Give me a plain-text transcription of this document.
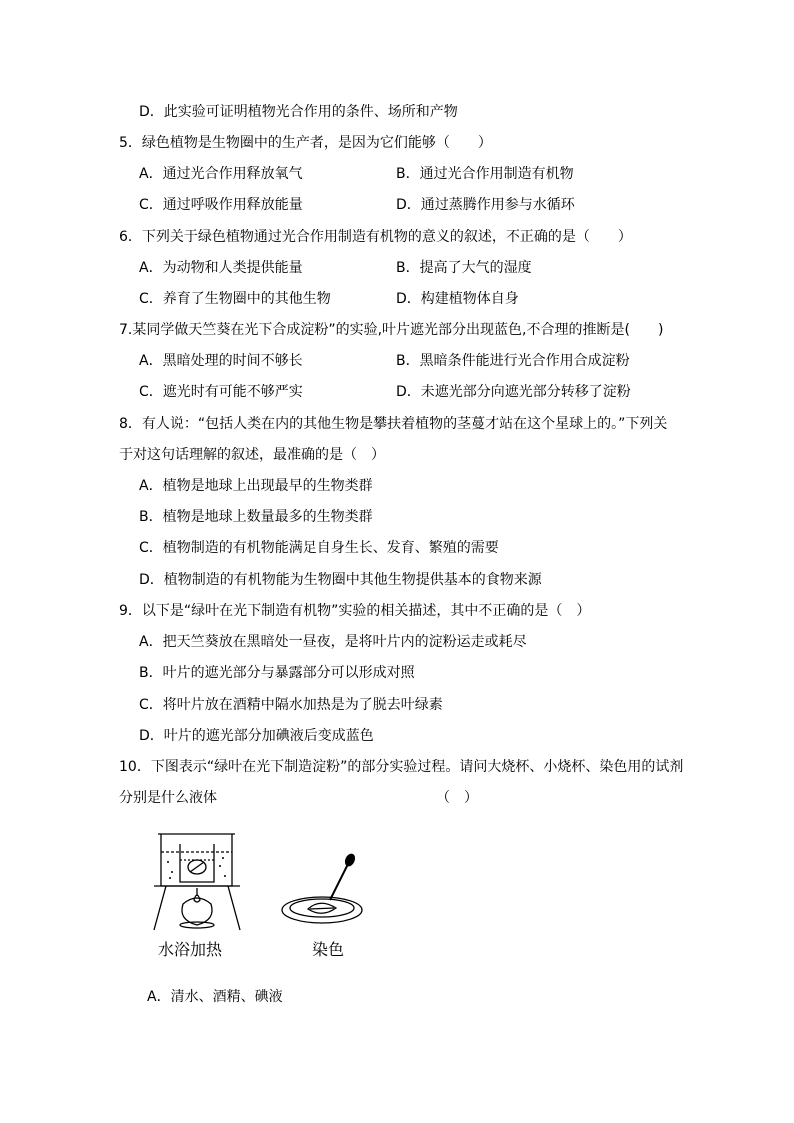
D．此实验可证明植物光合作用的条件、场所和产物
5．绿色植物是生物圈中的生产者，是因为它们能够（　　）
A．通过光合作用释放氧气	B．通过光合作用制造有机物
C．通过呼吸作用释放能量	D．通过蒸腾作用参与水循环
6．下列关于绿色植物通过光合作用制造有机物的意义的叙述，不正确的是（　　）
A．为动物和人类提供能量	B．提高了大气的湿度
C．养育了生物圈中的其他生物	D．构建植物体自身
7.某同学做天竺葵在光下合成淀粉”的实验,叶片遮光部分出现蓝色,不合理的推断是(　　)
A．黑暗处理的时间不够长	B．黑暗条件能进行光合作用合成淀粉
C．遮光时有可能不够严实	D．未遮光部分向遮光部分转移了淀粉
8．有人说：“包括人类在内的其他生物是攀扶着植物的茎蔓才站在这个星球上的。”下列关
于对这句话理解的叙述，最准确的是（　）
A．植物是地球上出现最早的生物类群
B．植物是地球上数量最多的生物类群
C．植物制造的有机物能满足自身生长、发育、繁殖的需要
D．植物制造的有机物能为生物圈中其他生物提供基本的食物来源
9．以下是“绿叶在光下制造有机物”实验的相关描述，其中不正确的是（　）
A．把天竺葵放在黑暗处一昼夜，是将叶片内的淀粉运走或耗尽
B．叶片的遮光部分与暴露部分可以形成对照
C．将叶片放在酒精中隔水加热是为了脱去叶绿素
D．叶片的遮光部分加碘液后变成蓝色
10．下图表示“绿叶在光下制造淀粉”的部分实验过程。请问大烧杯、小烧杯、染色用的试剂
分别是什么液体	（　）
水浴加热	染色
A．清水、酒精、碘液
